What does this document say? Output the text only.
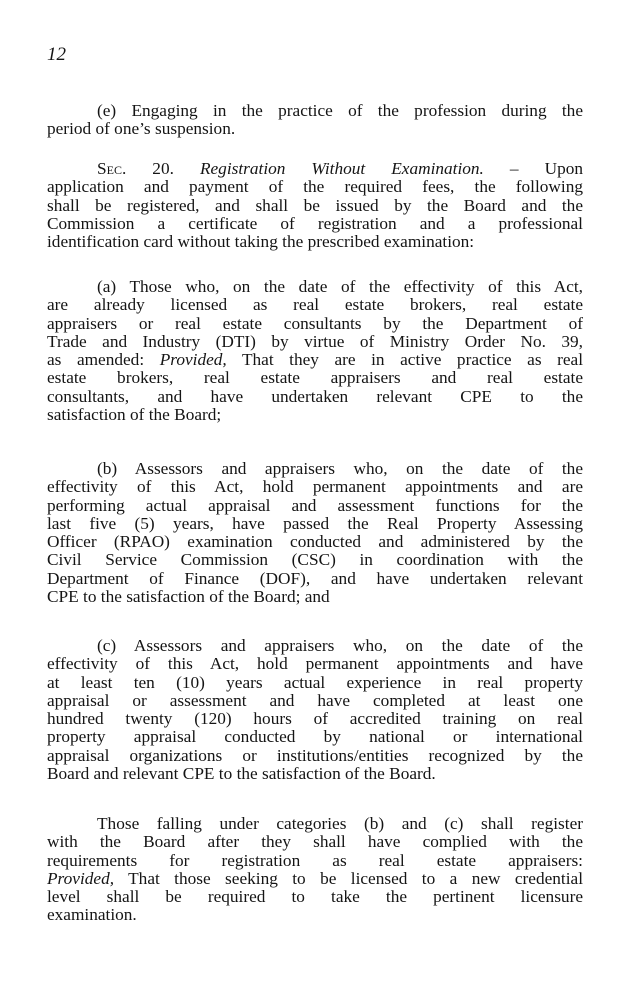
12
(e) Engaging in the practice of the profession during the
period of one’s suspension.
Sec. 20. Registration Without Examination. – Upon
application and payment of the required fees, the following
shall be registered, and shall be issued by the Board and the
Commission a certificate of registration and a professional
identification card without taking the prescribed examination:
(a) Those who, on the date of the effectivity of this Act,
are already licensed as real estate brokers, real estate
appraisers or real estate consultants by the Department of
Trade and Industry (DTI) by virtue of Ministry Order No. 39,
as amended: Provided, That they are in active practice as real
estate brokers, real estate appraisers and real estate
consultants, and have undertaken relevant CPE to the
satisfaction of the Board;
(b) Assessors and appraisers who, on the date of the
effectivity of this Act, hold permanent appointments and are
performing actual appraisal and assessment functions for the
last five (5) years, have passed the Real Property Assessing
Officer (RPAO) examination conducted and administered by the
Civil Service Commission (CSC) in coordination with the
Department of Finance (DOF), and have undertaken relevant
CPE to the satisfaction of the Board; and
(c) Assessors and appraisers who, on the date of the
effectivity of this Act, hold permanent appointments and have
at least ten (10) years actual experience in real property
appraisal or assessment and have completed at least one
hundred twenty (120) hours of accredited training on real
property appraisal conducted by national or international
appraisal organizations or institutions/entities recognized by the
Board and relevant CPE to the satisfaction of the Board.
Those falling under categories (b) and (c) shall register
with the Board after they shall have complied with the
requirements for registration as real estate appraisers:
Provided, That those seeking to be licensed to a new credential
level shall be required to take the pertinent licensure
examination.
